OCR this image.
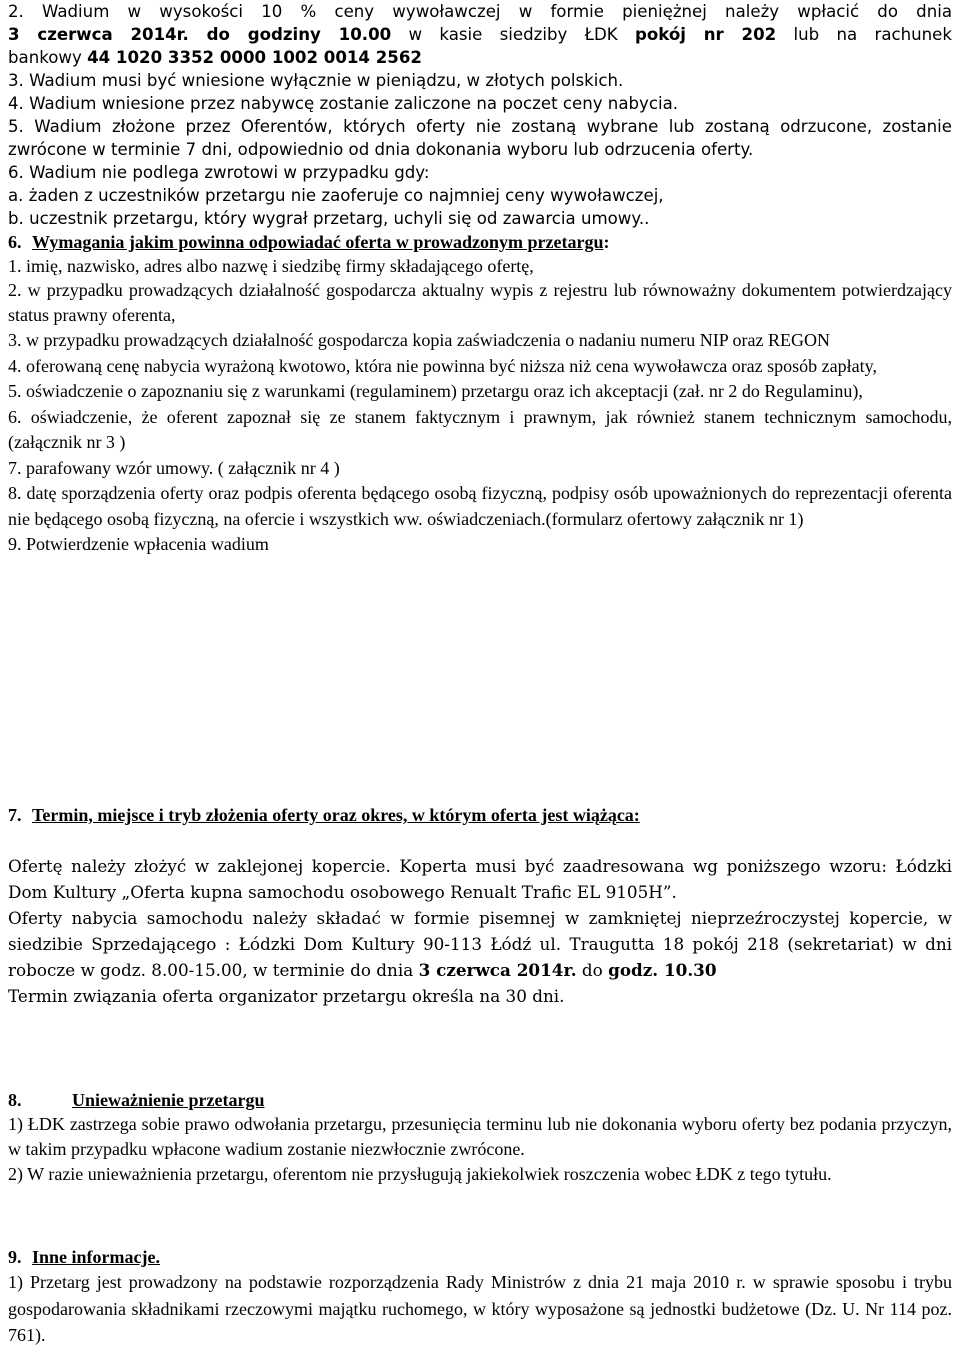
2. Wadium w wysokości 10 % ceny wywoławczej w formie pieniężnej należy wpłacić do dnia

3 czerwca 2014r. do godziny 10.00 w kasie siedziby ŁDK pokój nr 202 lub na rachunek

bankowy 44 1020 3352 0000 1002 0014 2562

3. Wadium musi być wniesione wyłącznie w pieniądzu, w złotych polskich.

4. Wadium wniesione przez nabywcę zostanie zaliczone na poczet ceny nabycia.

5. Wadium złożone przez Oferentów, których oferty nie zostaną wybrane lub zostaną odrzucone, zostanie zwrócone w terminie 7 dni, odpowiednio od dnia dokonania wyboru lub odrzucenia oferty.

6. Wadium nie podlega zwrotowi w przypadku gdy:

a. żaden z uczestników przetargu nie zaoferuje co najmniej ceny wywoławczej,

b. uczestnik przetargu, który wygrał przetarg, uchyli się od zawarcia umowy..

6.Wymagania jakim powinna odpowiadać oferta w prowadzonym przetargu:

1. imię, nazwisko, adres albo nazwę i siedzibę firmy składającego ofertę,

2. w przypadku prowadzących działalność gospodarcza aktualny wypis z rejestru lub równoważny dokumentem potwierdzający status prawny oferenta,

3. w przypadku prowadzących działalność gospodarcza kopia zaświadczenia o nadaniu numeru NIP oraz REGON

4. oferowaną cenę nabycia wyrażoną kwotowo, która nie powinna być niższa niż cena wywoławcza oraz sposób zapłaty,

5. oświadczenie o zapoznaniu się z warunkami (regulaminem) przetargu oraz ich akceptacji (zał. nr 2 do Regulaminu),

6. oświadczenie, że oferent zapoznał się ze stanem faktycznym i prawnym, jak również stanem technicznym samochodu,(załącznik nr 3 )

7. parafowany wzór umowy. ( załącznik nr 4 )

8. datę sporządzenia oferty oraz podpis oferenta będącego osobą fizyczną, podpisy osób upoważnionych do reprezentacji oferenta nie będącego osobą fizyczną, na ofercie i wszystkich ww. oświadczeniach.(formularz ofertowy załącznik nr 1)

9. Potwierdzenie wpłacenia wadium

7.Termin, miejsce i tryb złożenia oferty oraz okres, w którym oferta jest wiążąca:

Ofertę należy złożyć w zaklejonej kopercie. Koperta musi być zaadresowana wg poniższego wzoru: Łódzki Dom Kultury „Oferta kupna samochodu osobowego Renualt Trafic EL 9105H”.

Oferty nabycia samochodu należy składać w formie pisemnej w zamkniętej nieprzeźroczystej kopercie, w siedzibie Sprzedającego : Łódzki Dom Kultury 90-113 Łódź ul. Traugutta 18 pokój 218 (sekretariat) w dni robocze w godz. 8.00-15.00, w terminie do dnia 3 czerwca 2014r. do godz. 10.30

Termin związania oferta organizator przetargu określa na 30 dni.

8.	Unieważnienie przetargu

1) ŁDK zastrzega sobie prawo odwołania przetargu, przesunięcia terminu lub nie dokonania wyboru oferty bez podania przyczyn, w takim przypadku wpłacone wadium zostanie niezwłocznie zwrócone.

2) W razie unieważnienia przetargu, oferentom nie przysługują jakiekolwiek roszczenia wobec ŁDK z tego tytułu.

9.Inne informacje.

1) Przetarg jest prowadzony na podstawie rozporządzenia Rady Ministrów z dnia 21 maja 2010 r. w sprawie sposobu i trybu gospodarowania składnikami rzeczowymi majątku ruchomego, w który wyposażone są jednostki budżetowe (Dz. U. Nr 114 poz. 761).
